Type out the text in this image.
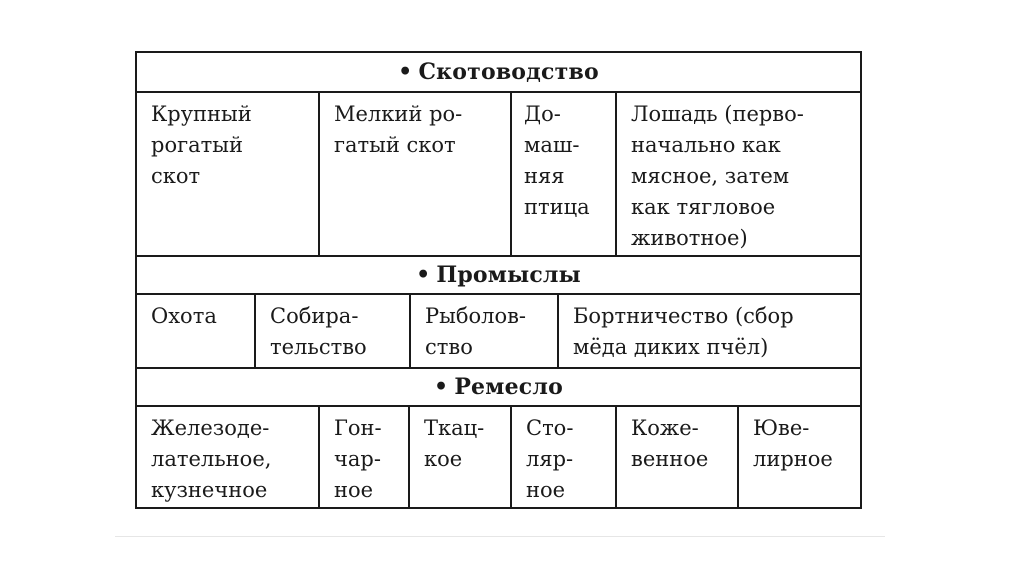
• Скотоводство
Крупный
рогатый
скот
Мелкий ро-
гатый скот
До-
маш-
няя
птица
Лошадь (перво-
начально как
мясное, затем
как тягловое
животное)
• Промыслы
Охота	Собира-
тельство
Рыболов-
ство
Бортничество (сбор
мёда диких пчёл)
• Ремесло
Железоде-
лательное,
кузнечное
Гон-
чар-
ное
Ткац-
кое
Сто-
ляр-
ное
Коже-
венное
Юве-
лирное
